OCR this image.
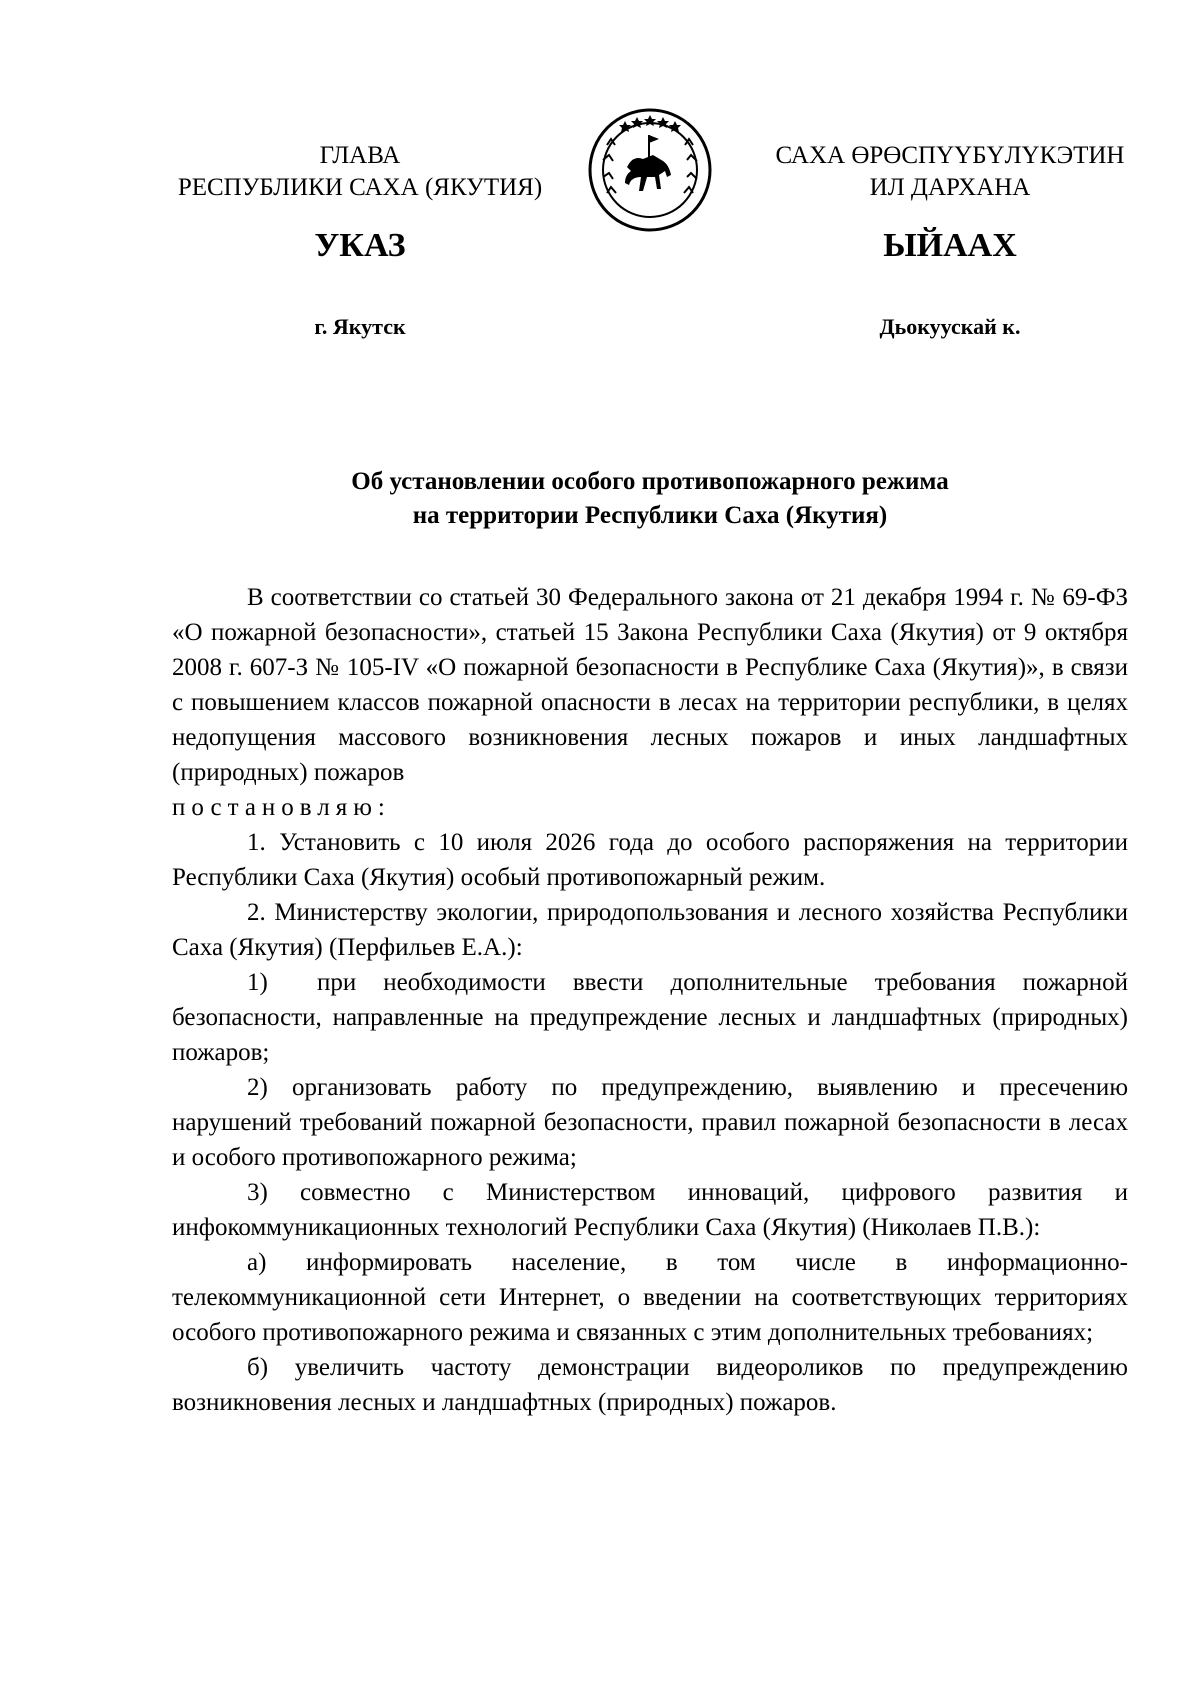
ГЛАВА
РЕСПУБЛИКИ САХА (ЯКУТИЯ)
САХА ӨРӨСПҮҮБҮЛҮКЭТИН
ИЛ ДАРХАНА
УКАЗ	ЫЙААХ
г. Якутск	Дьокуускай к.
Об установлении особого противопожарного режима
на территории Республики Саха (Якутия)

В соответствии со статьей 30 Федерального закона от 21 декабря 1994 г. № 69-ФЗ «О пожарной безопасности», статьей 15 Закона Республики Саха (Якутия) от 9 октября 2008 г. 607-З № 105-IV «О пожарной безопасности в Республике Саха (Якутия)», в связи с повышением классов пожарной опасности в лесах на территории республики, в целях недопущения массового возникновения лесных пожаров и иных ландшафтных (природных) пожаров

постановляю:

1. Установить с 10 июля 2026 года до особого распоряжения на территории Республики Саха (Якутия) особый противопожарный режим.

2. Министерству экологии, природопользования и лесного хозяйства Республики Саха (Якутия) (Перфильев Е.А.):

1) при необходимости ввести дополнительные требования пожарной безопасности, направленные на предупреждение лесных и ландшафтных (природных) пожаров;

2) организовать работу по предупреждению, выявлению и пресечению нарушений требований пожарной безопасности, правил пожарной безопасности в лесах и особого противопожарного режима;

3) совместно с Министерством инноваций, цифрового развития и инфокоммуникационных технологий Республики Саха (Якутия) (Николаев П.В.):

а) информировать население, в том числе в информационно-телекоммуникационной сети Интернет, о введении на соответствующих территориях особого противопожарного режима и связанных с этим дополнительных требованиях;

б) увеличить частоту демонстрации видеороликов по предупреждению возникновения лесных и ландшафтных (природных) пожаров.
